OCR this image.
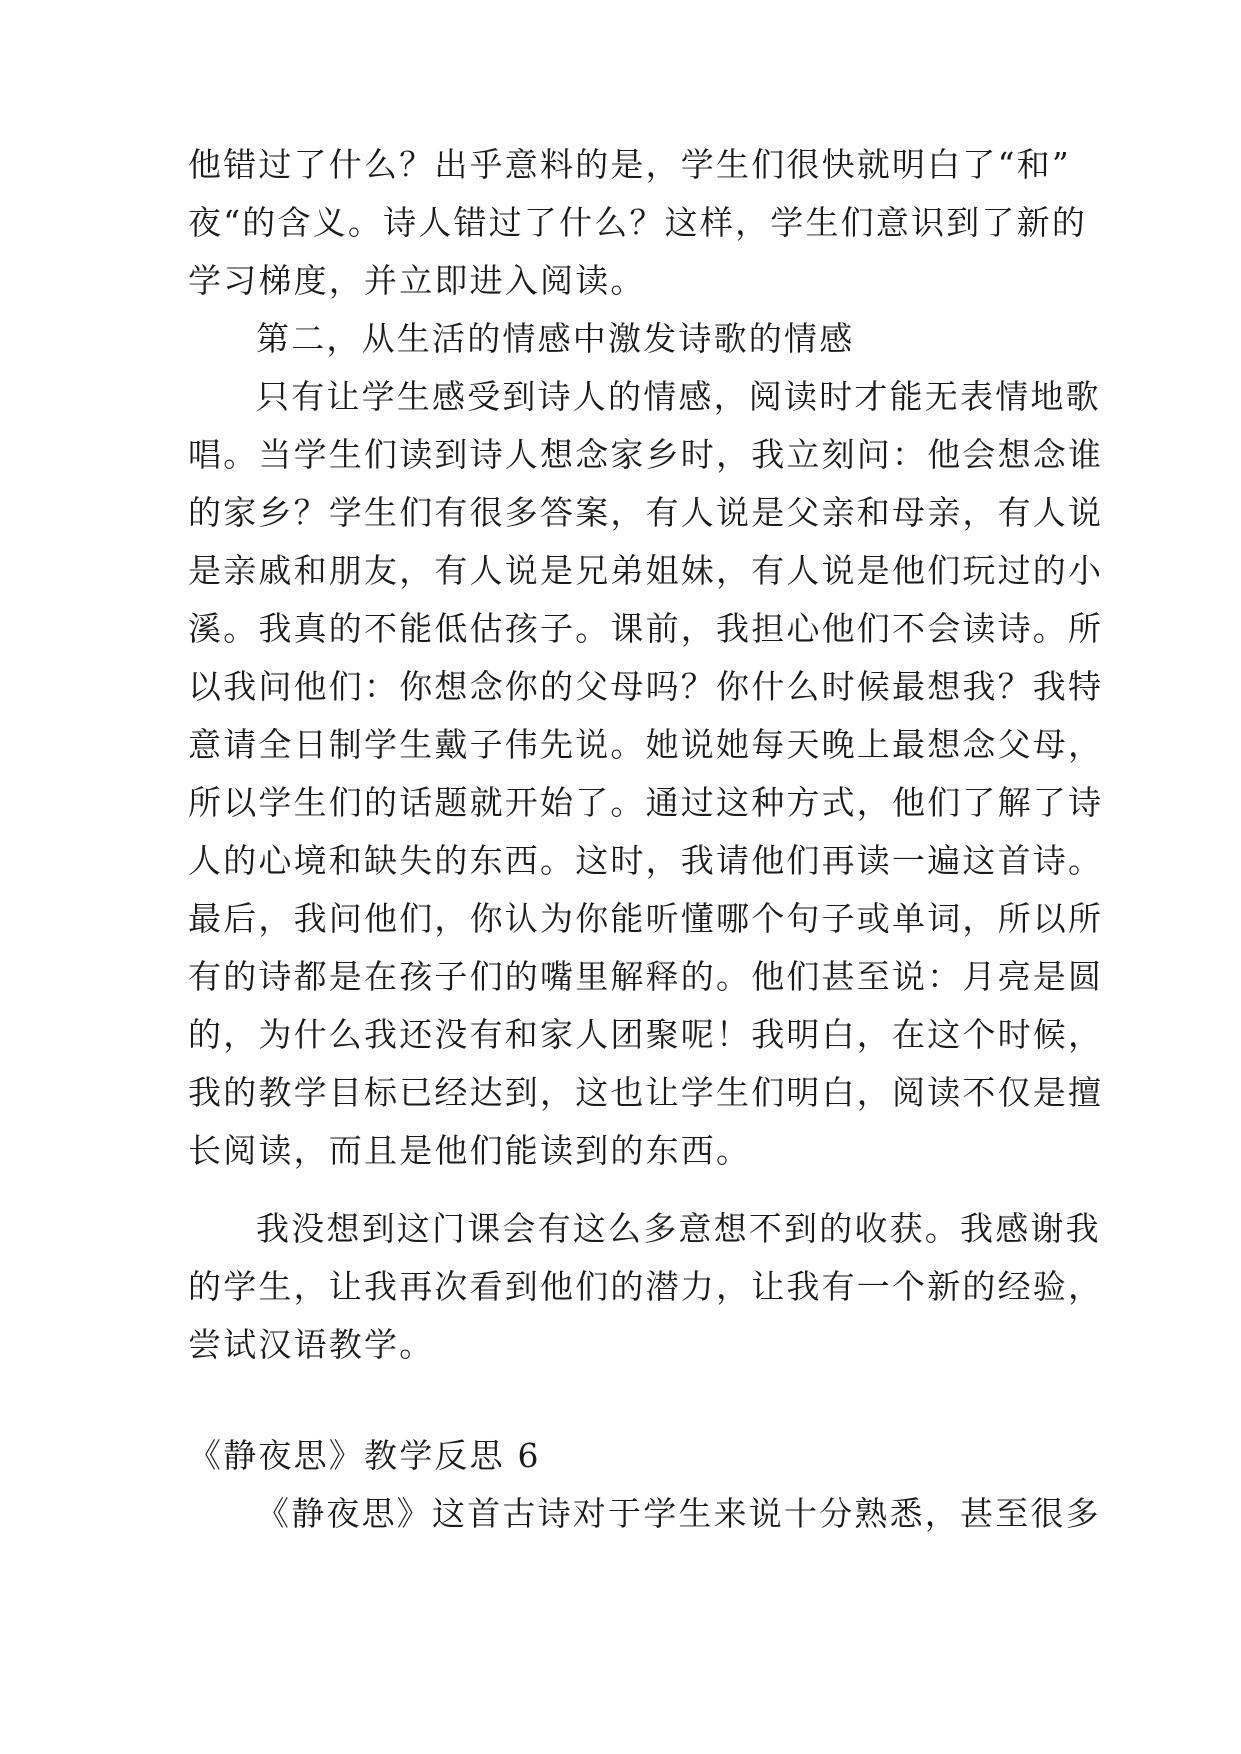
他错过了什么？出乎意料的是，学生们很快就明白了“和”
夜“的含义。诗人错过了什么？这样，学生们意识到了新的
学习梯度，并立即进入阅读。
第二，从生活的情感中激发诗歌的情感
只有让学生感受到诗人的情感，阅读时才能无表情地歌
唱。当学生们读到诗人想念家乡时，我立刻问：他会想念谁
的家乡？学生们有很多答案，有人说是父亲和母亲，有人说
是亲戚和朋友，有人说是兄弟姐妹，有人说是他们玩过的小
溪。我真的不能低估孩子。课前，我担心他们不会读诗。所
以我问他们：你想念你的父母吗？你什么时候最想我？我特
意请全日制学生戴子伟先说。她说她每天晚上最想念父母，
所以学生们的话题就开始了。通过这种方式，他们了解了诗
人的心境和缺失的东西。这时，我请他们再读一遍这首诗。
最后，我问他们，你认为你能听懂哪个句子或单词，所以所
有的诗都是在孩子们的嘴里解释的。他们甚至说：月亮是圆
的，为什么我还没有和家人团聚呢！我明白，在这个时候，
我的教学目标已经达到，这也让学生们明白，阅读不仅是擅
长阅读，而且是他们能读到的东西。
我没想到这门课会有这么多意想不到的收获。我感谢我
的学生，让我再次看到他们的潜力，让我有一个新的经验，
尝试汉语教学。
《静夜思》教学反思 6
《静夜思》这首古诗对于学生来说十分熟悉，甚至很多
